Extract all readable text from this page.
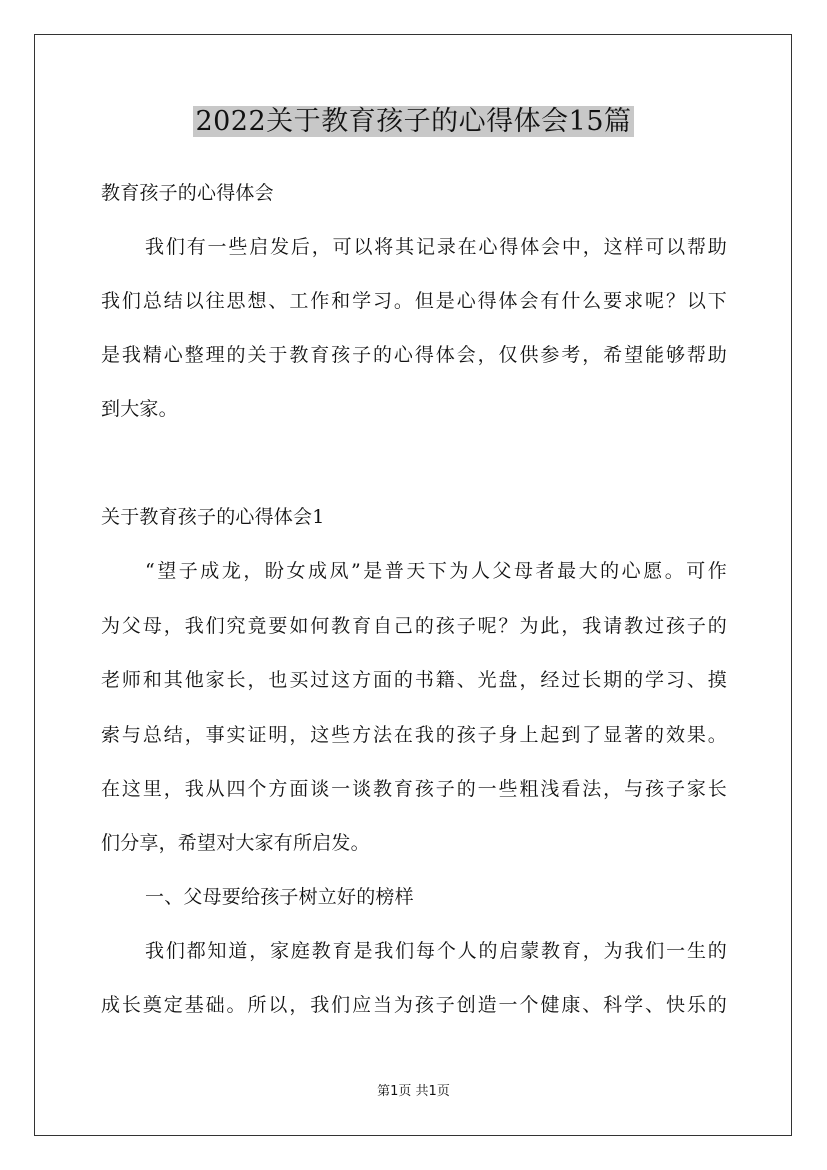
2022关于教育孩子的心得体会15篇
教育孩子的心得体会
我们有一些启发后，可以将其记录在心得体会中，这样可以帮助
我们总结以往思想、工作和学习。但是心得体会有什么要求呢？以下
是我精心整理的关于教育孩子的心得体会，仅供参考，希望能够帮助
到大家。
关于教育孩子的心得体会1
“望子成龙，盼女成凤”是普天下为人父母者最大的心愿。可作
为父母，我们究竟要如何教育自己的孩子呢？为此，我请教过孩子的
老师和其他家长，也买过这方面的书籍、光盘，经过长期的学习、摸
索与总结，事实证明，这些方法在我的孩子身上起到了显著的效果。
在这里，我从四个方面谈一谈教育孩子的一些粗浅看法，与孩子家长
们分享，希望对大家有所启发。
一、父母要给孩子树立好的榜样
我们都知道，家庭教育是我们每个人的启蒙教育，为我们一生的
成长奠定基础。所以，我们应当为孩子创造一个健康、科学、快乐的
第1页 共1页
